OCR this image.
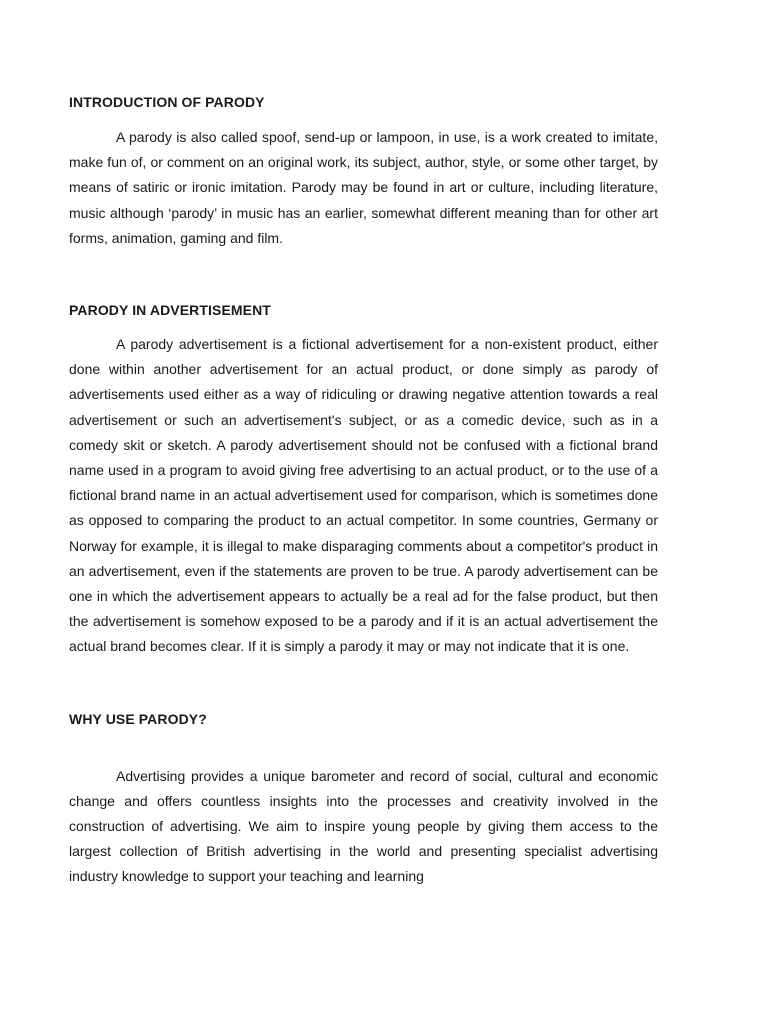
INTRODUCTION OF PARODY

A parody is also called spoof, send-up or lampoon, in use, is a work created to imitate, make fun of, or comment on an original work, its subject, author, style, or some other target, by means of satiric or ironic imitation. Parody may be found in art or culture, including literature, music although ‘parody’ in music has an earlier, somewhat different meaning than for other art forms, animation, gaming and film.

PARODY IN ADVERTISEMENT

A parody advertisement is a fictional advertisement for a non-existent product, either done within another advertisement for an actual product, or done simply as parody of advertisements used either as a way of ridiculing or drawing negative attention towards a real advertisement or such an advertisement's subject, or as a comedic device, such as in a comedy skit or sketch. A parody advertisement should not be confused with a fictional brand name used in a program to avoid giving free advertising to an actual product, or to the use of a fictional brand name in an actual advertisement used for comparison, which is sometimes done as opposed to comparing the product to an actual competitor. In some countries, Germany or Norway for example, it is illegal to make disparaging comments about a competitor's product in an advertisement, even if the statements are proven to be true. A parody advertisement can be one in which the advertisement appears to actually be a real ad for the false product, but then the advertisement is somehow exposed to be a parody and if it is an actual advertisement the actual brand becomes clear. If it is simply a parody it may or may not indicate that it is one.

WHY USE PARODY?

Advertising provides a unique barometer and record of social, cultural and economic change and offers countless insights into the processes and creativity involved in the construction of advertising. We aim to inspire young people by giving them access to the largest collection of British advertising in the world and presenting specialist advertising industry knowledge to support your teaching and learning
